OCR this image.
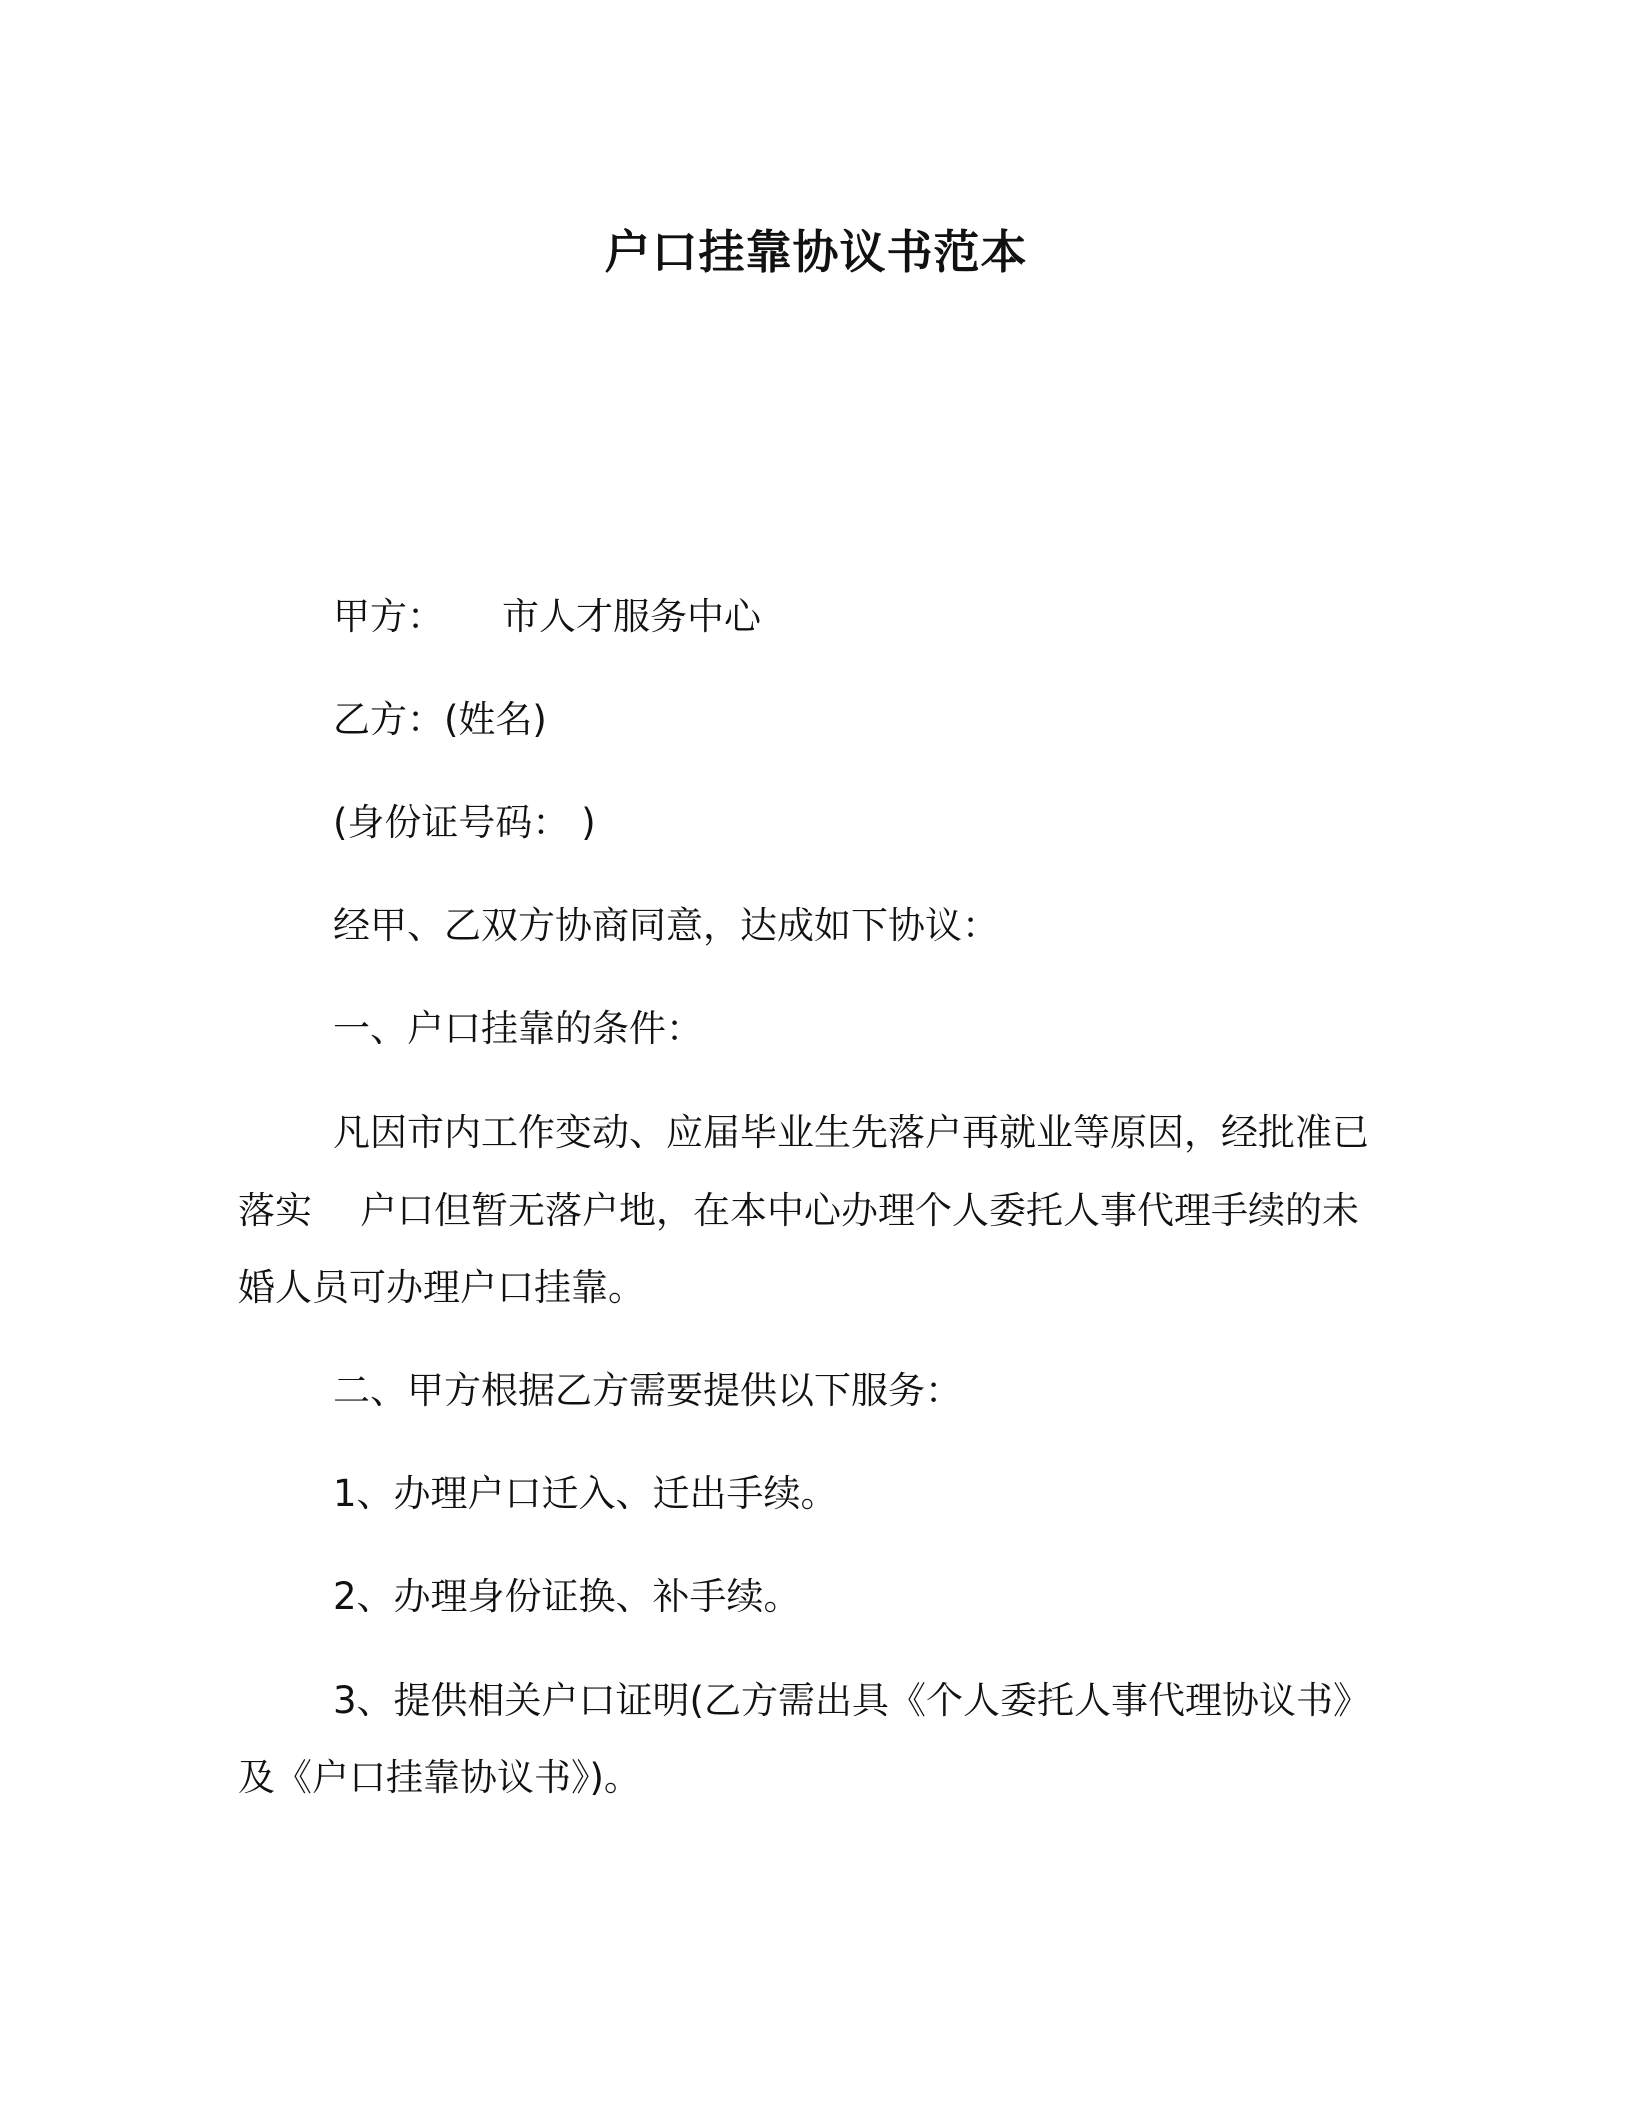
户口挂靠协议书范本
甲方： 市人才服务中心
乙方：(姓名)
(身份证号码： )
经甲、乙双方协商同意，达成如下协议：
一、户口挂靠的条件：
凡因市内工作变动、应届毕业生先落户再就业等原因，经批准已
落实 户口但暂无落户地，在本中心办理个人委托人事代理手续的未
婚人员可办理户口挂靠。
二、甲方根据乙方需要提供以下服务：
1、办理户口迁入、迁出手续。
2、办理身份证换、补手续。
3、提供相关户口证明(乙方需出具《个人委托人事代理协议书》
及《户口挂靠协议书》)。
